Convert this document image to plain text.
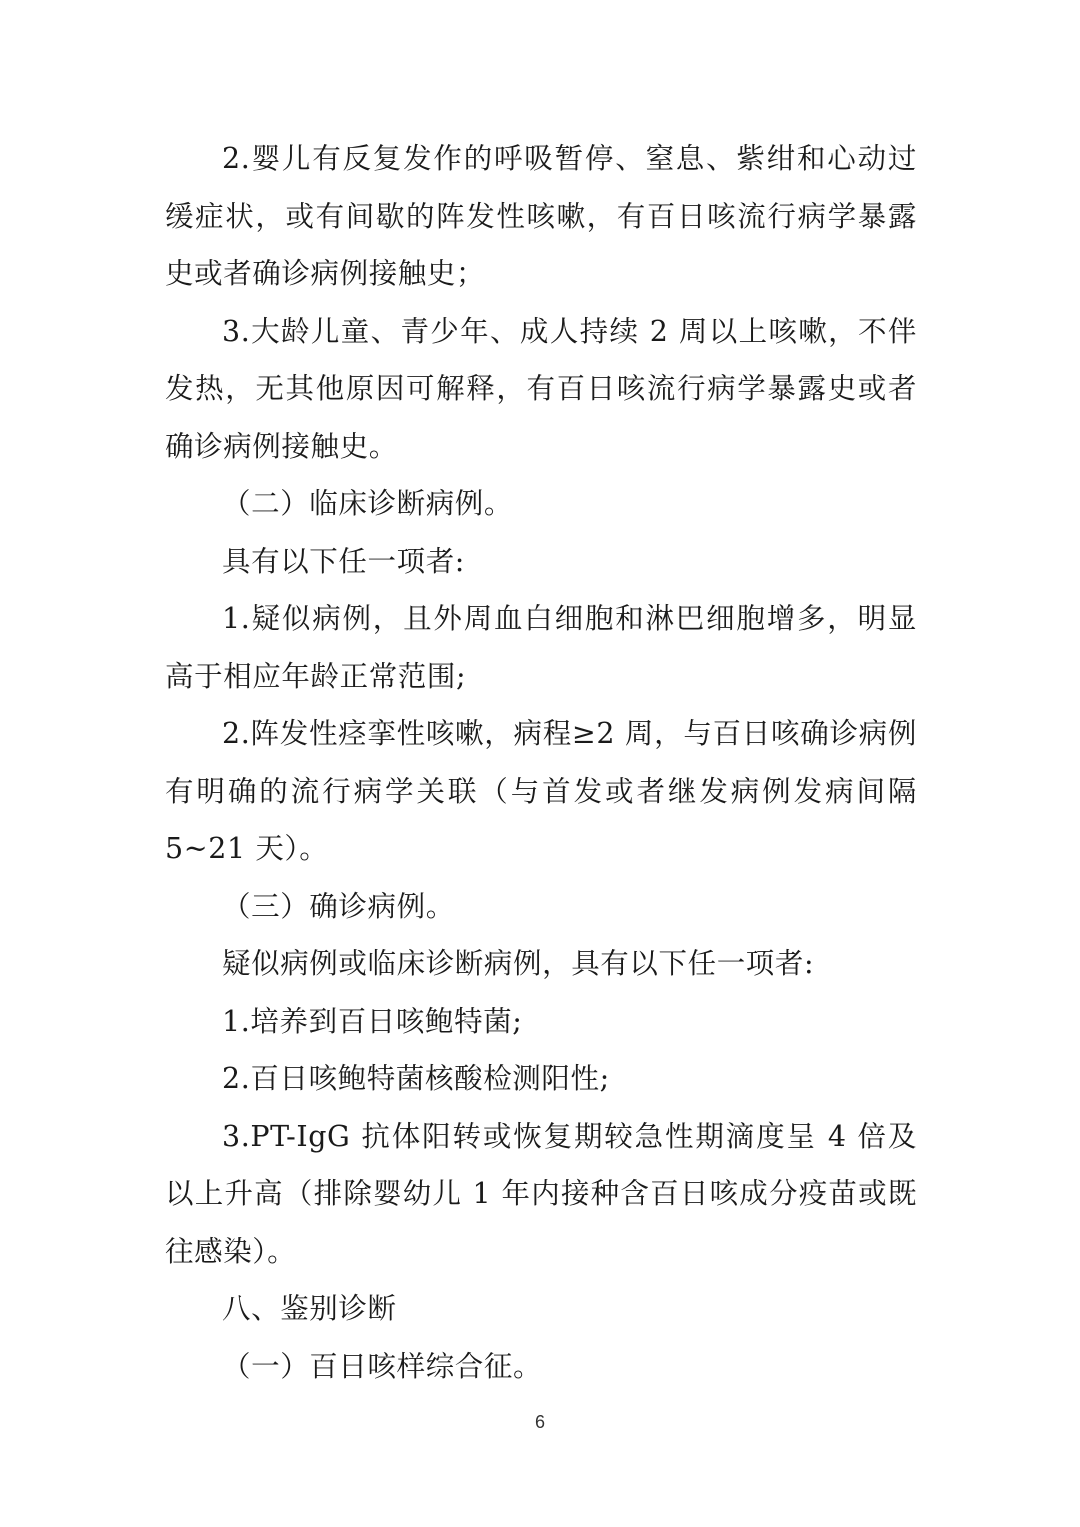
2.婴儿有反复发作的呼吸暂停、窒息、紫绀和心动过缓症状，或有间歇的阵发性咳嗽，有百日咳流行病学暴露史或者确诊病例接触史；

3.大龄儿童、青少年、成人持续 2 周以上咳嗽，不伴发热，无其他原因可解释，有百日咳流行病学暴露史或者确诊病例接触史。

（二）临床诊断病例。

具有以下任一项者:

1.疑似病例，且外周血白细胞和淋巴细胞增多，明显高于相应年龄正常范围;

2.阵发性痉挛性咳嗽，病程≥2 周，与百日咳确诊病例有明确的流行病学关联（与首发或者继发病例发病间隔 5~21 天）。

（三）确诊病例。

疑似病例或临床诊断病例，具有以下任一项者:

1.培养到百日咳鲍特菌;

2.百日咳鲍特菌核酸检测阳性;

3.PT-IgG 抗体阳转或恢复期较急性期滴度呈 4 倍及以上升高（排除婴幼儿 1 年内接种含百日咳成分疫苗或既往感染）。

八、鉴别诊断

（一）百日咳样综合征。

6
